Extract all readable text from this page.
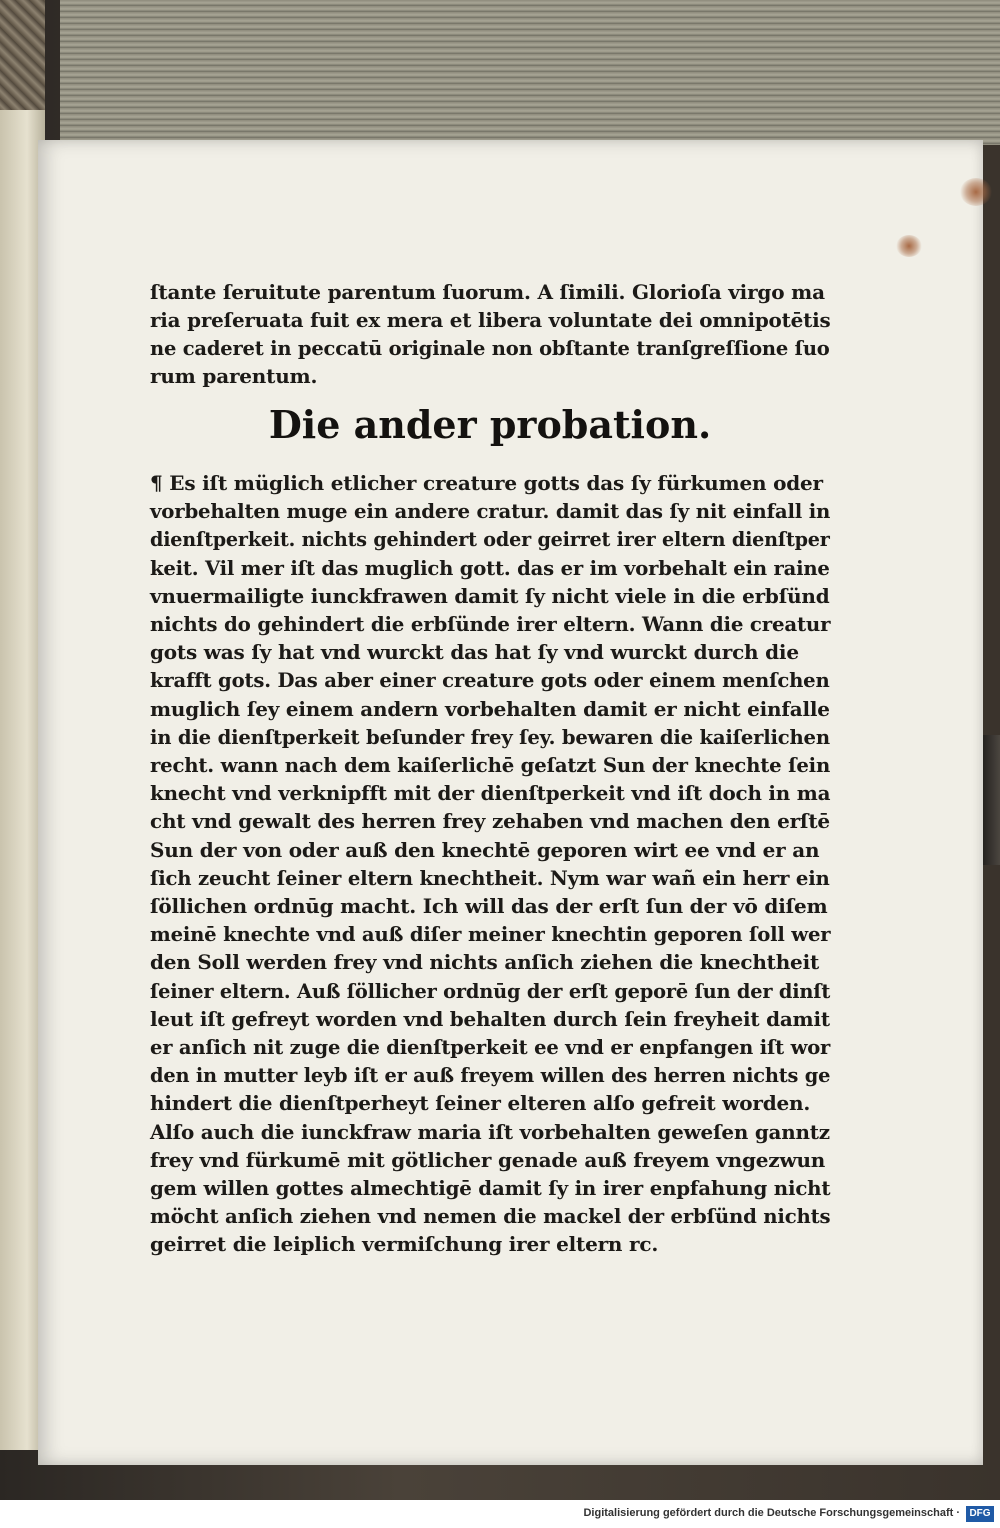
ſtante ſeruitute parentum ſuorum. A ſimili. Glorioſa virgo ma
ria preſeruata fuit ex mera et libera voluntate dei omnipotētis
ne caderet in peccatū originale non obſtante tranſgreſſione ſuo
rum parentum.
Die ander probation.
¶ Es iſt müglich etlicher creature gotts das ſy fürkumen oder
vorbehalten muge ein andere cratur. damit das ſy nit einfall in
dienſtperkeit. nichts gehindert oder geirret irer eltern dienſtper
keit. Vil mer iſt das muglich gott. das er im vorbehalt ein raine
vnuermailigte iunckfrawen damit ſy nicht viele in die erbſünd
nichts do gehindert die erbſünde irer eltern. Wann die creatur
gots was ſy hat vnd wurckt das hat ſy vnd wurckt durch die
krafft gots. Das aber einer creature gots oder einem menſchen
muglich ſey einem andern vorbehalten damit er nicht einfalle
in die dienſtperkeit beſunder frey ſey. bewaren die kaiſerlichen
recht. wann nach dem kaiſerlichē geſatzt Sun der knechte ſein
knecht vnd verknipfft mit der dienſtperkeit vnd iſt doch in ma
cht vnd gewalt des herren frey zehaben vnd machen den erſtē
Sun der von oder auß den knechtē geporen wirt ee vnd er an
ſich zeucht ſeiner eltern knechtheit. Nym war wañ ein herr ein
ſöllichen ordnūg macht. Ich will das der erſt ſun der vō diſem
meinē knechte vnd auß diſer meiner knechtin geporen ſoll wer
den Soll werden frey vnd nichts anſich ziehen die knechtheit
ſeiner eltern. Auß ſöllicher ordnūg der erſt geporē ſun der dinſt
leut iſt gefreyt worden vnd behalten durch ſein freyheit damit
er anſich nit zuge die dienſtperkeit ee vnd er enpfangen iſt wor
den in mutter leyb iſt er auß freyem willen des herren nichts ge
hindert die dienſtperheyt ſeiner elteren alſo gefreit worden.
Alſo auch die iunckfraw maria iſt vorbehalten geweſen ganntz
frey vnd fürkumē mit götlicher genade auß freyem vngezwun
gem willen gottes almechtigē damit ſy in irer enpfahung nicht
möcht anſich ziehen vnd nemen die mackel der erbſünd nichts
geirret die leiplich vermiſchung irer eltern rc.
Digitalisierung gefördert durch die Deutsche Forschungsgemeinschaft · DFG
